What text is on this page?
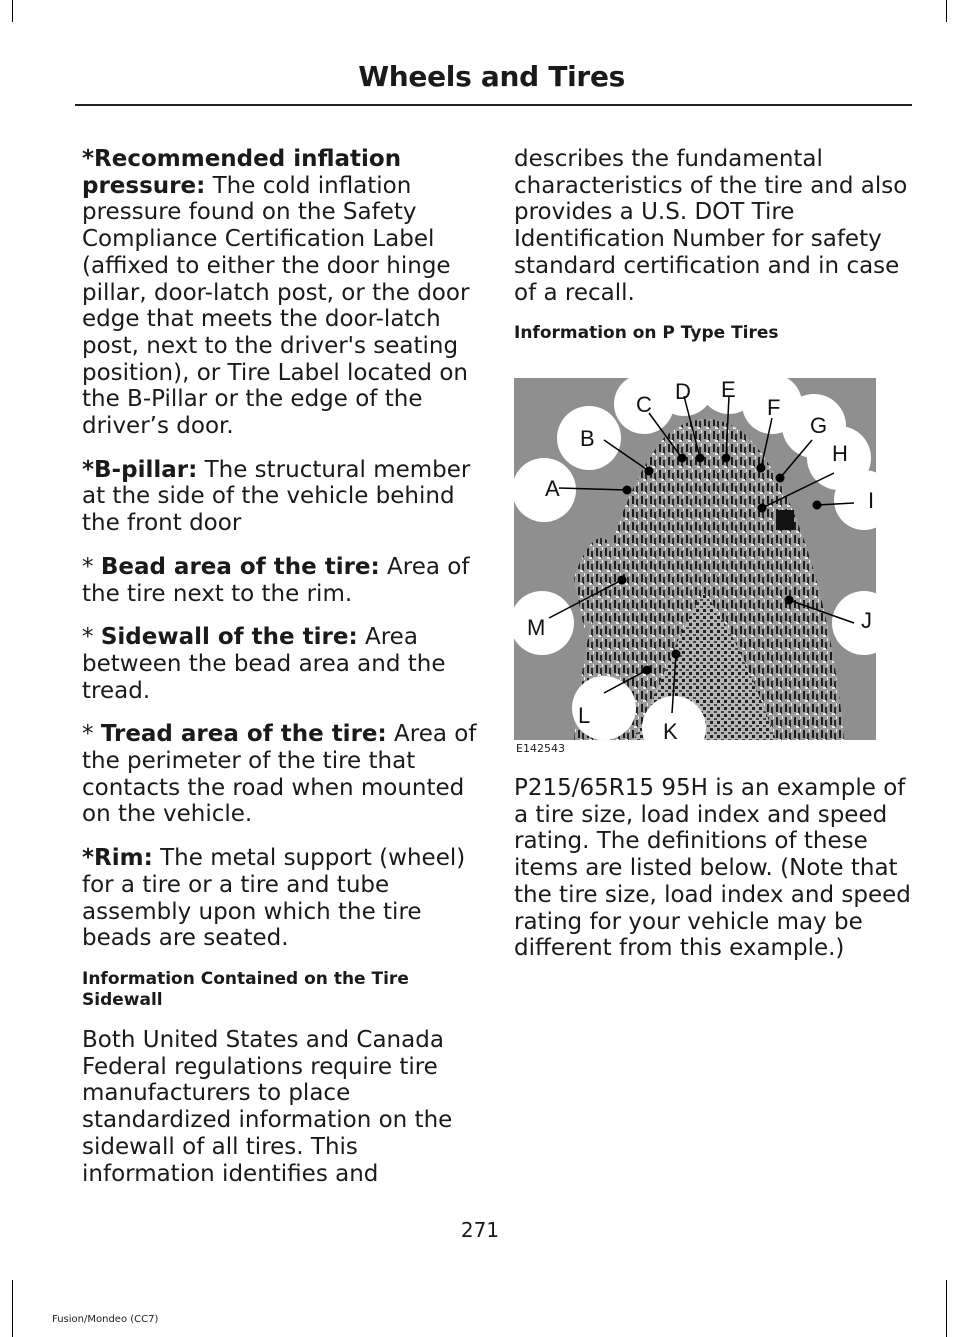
Wheels and Tires

*Recommended inflation pressure: The cold inflation pressure found on the Safety Compliance Certification Label (affixed to either the door hinge pillar, door-latch post, or the door edge that meets the door-latch post, next to the driver's seating position), or Tire Label located on the B-Pillar or the edge of the driver’s door.

*B-pillar: The structural member at the side of the vehicle behind the front door

* Bead area of the tire: Area of the tire next to the rim.

* Sidewall of the tire: Area between the bead area and the tread.

* Tread area of the tire: Area of the perimeter of the tire that contacts the road when mounted on the vehicle.

*Rim: The metal support (wheel) for a tire or a tire and tube assembly upon which the tire beads are seated.

Information Contained on the Tire Sidewall

Both United States and Canada Federal regulations require tire manufacturers to place standardized information on the sidewall of all tires. This information identifies and

describes the fundamental characteristics of the tire and also provides a U.S. DOT Tire Identification Number for safety standard certification and in case of a recall.

Information on P Type Tires
A
B
C
D E
F
G
H
I
J
K
L
M
E142543

P215/65R15 95H is an example of a tire size, load index and speed rating. The definitions of these items are listed below. (Note that the tire size, load index and speed rating for your vehicle may be different from this example.)

271
Fusion/Mondeo (CC7)
